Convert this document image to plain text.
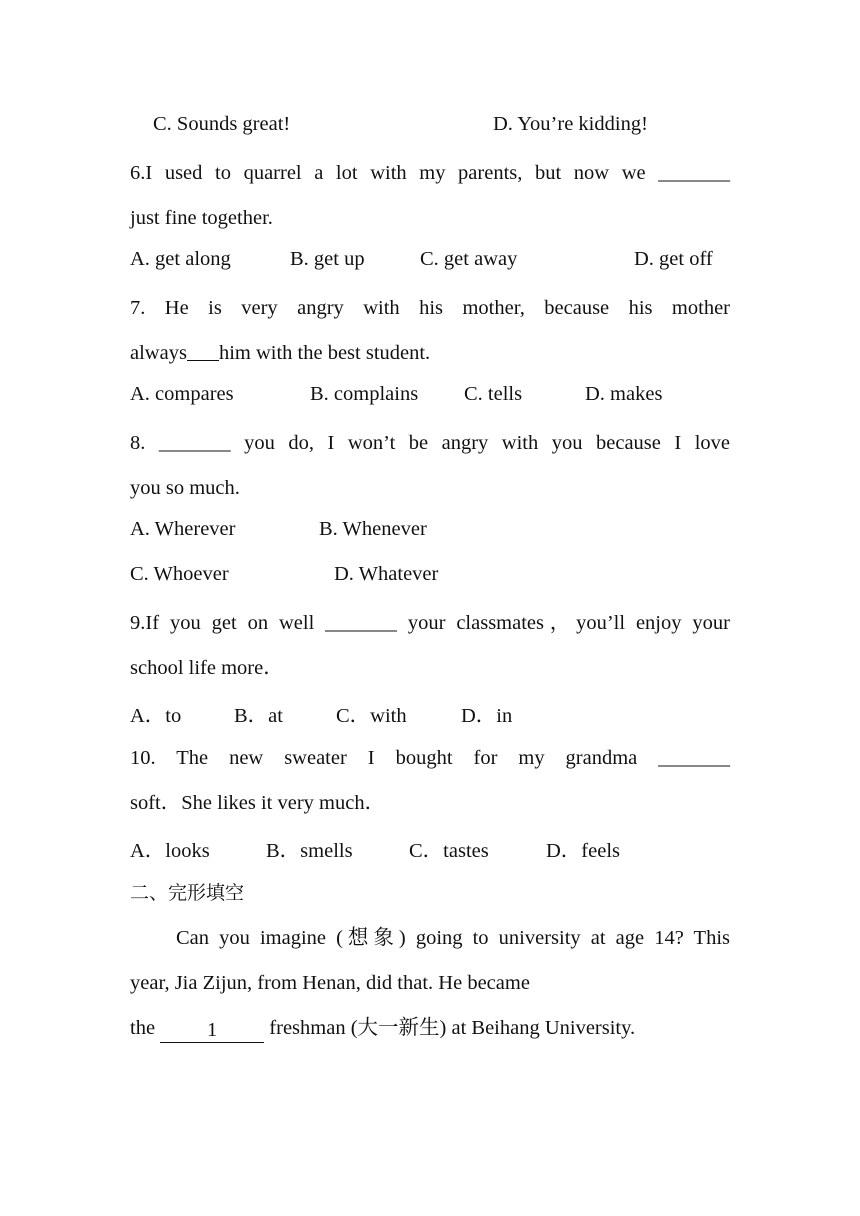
C. Sounds great!	D. You’re kidding!
6.I used to quarrel a lot with my parents, but now we _______
just fine together.
A. get along	B. get up	C. get away	D. get off
7. He is very angry with his mother, because his mother
always him with the best student.
A. compares	B. complains C. tells	D. makes
8. _______ you do, I won’t be angry with you because I love
you so much.
A. Wherever	B. Whenever
C. Whoever	D. Whatever
9.If you get on well _______ your classmates，you’ll enjoy your
school life more．
A．to	B．at	C．with	D．in
10. The new sweater I bought for my grandma _______
soft．She likes it very much．
A．looks	B．smells	C．tastes	D．feels
二、完形填空
Can you imagine (想象) going to university at age 14? This
year, Jia Zijun, from Henan, did that. He became
the 1 freshman (大一新生) at Beihang University.
